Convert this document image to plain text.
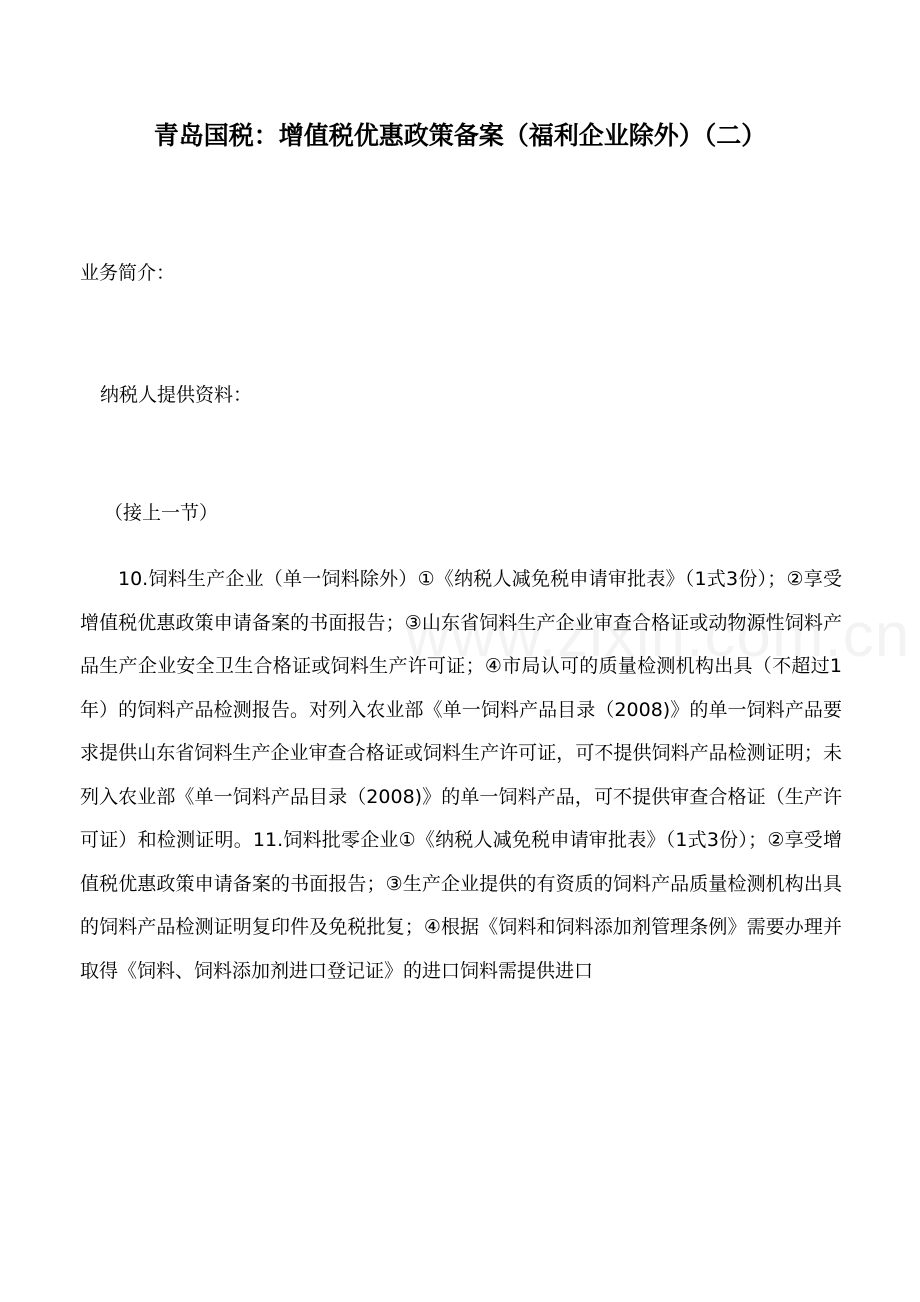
青岛国税：增值税优惠政策备案（福利企业除外）（二）

业务简介：

纳税人提供资料：

（接上一节）

10.饲料生产企业（单一饲料除外）①《纳税人减免税申请审批表》（1式3份）；②享受增值税优惠政策申请备案的书面报告；③山东省饲料生产企业审查合格证或动物源性饲料产品生产企业安全卫生合格证或饲料生产许可证；④市局认可的质量检测机构出具（不超过1年）的饲料产品检测报告。对列入农业部《单一饲料产品目录（2008)》的单一饲料产品要求提供山东省饲料生产企业审查合格证或饲料生产许可证，可不提供饲料产品检测证明；未列入农业部《单一饲料产品目录（2008)》的单一饲料产品，可不提供审查合格证（生产许可证）和检测证明。11.饲料批零企业①《纳税人减免税申请审批表》（1式3份）；②享受增值税优惠政策申请备案的书面报告；③生产企业提供的有资质的饲料产品质量检测机构出具的饲料产品检测证明复印件及免税批复；④根据《饲料和饲料添加剂管理条例》需要办理并取得《饲料、饲料添加剂进口登记证》的进口饲料需提供进口
